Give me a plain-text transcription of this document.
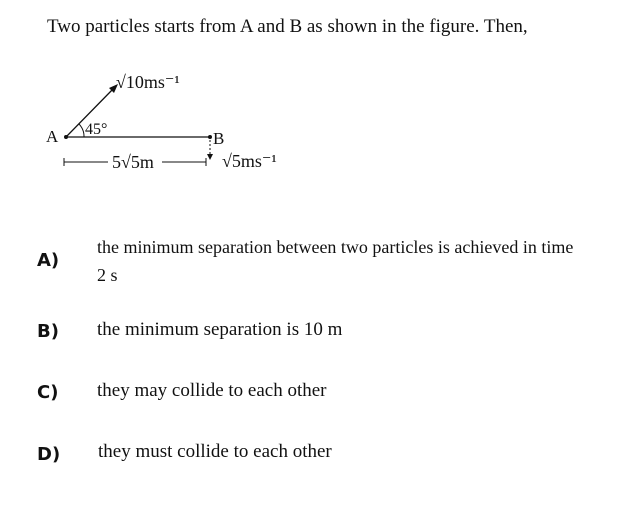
Two particles starts from A and B as shown in the figure. Then,
A 45°
√10ms⁻¹
B
5√5m	√5ms⁻¹
A)
the minimum separation between two particles is achieved in time 2 s
B) the minimum separation is 10 m
C) they may collide to each other
D) they must collide to each other
